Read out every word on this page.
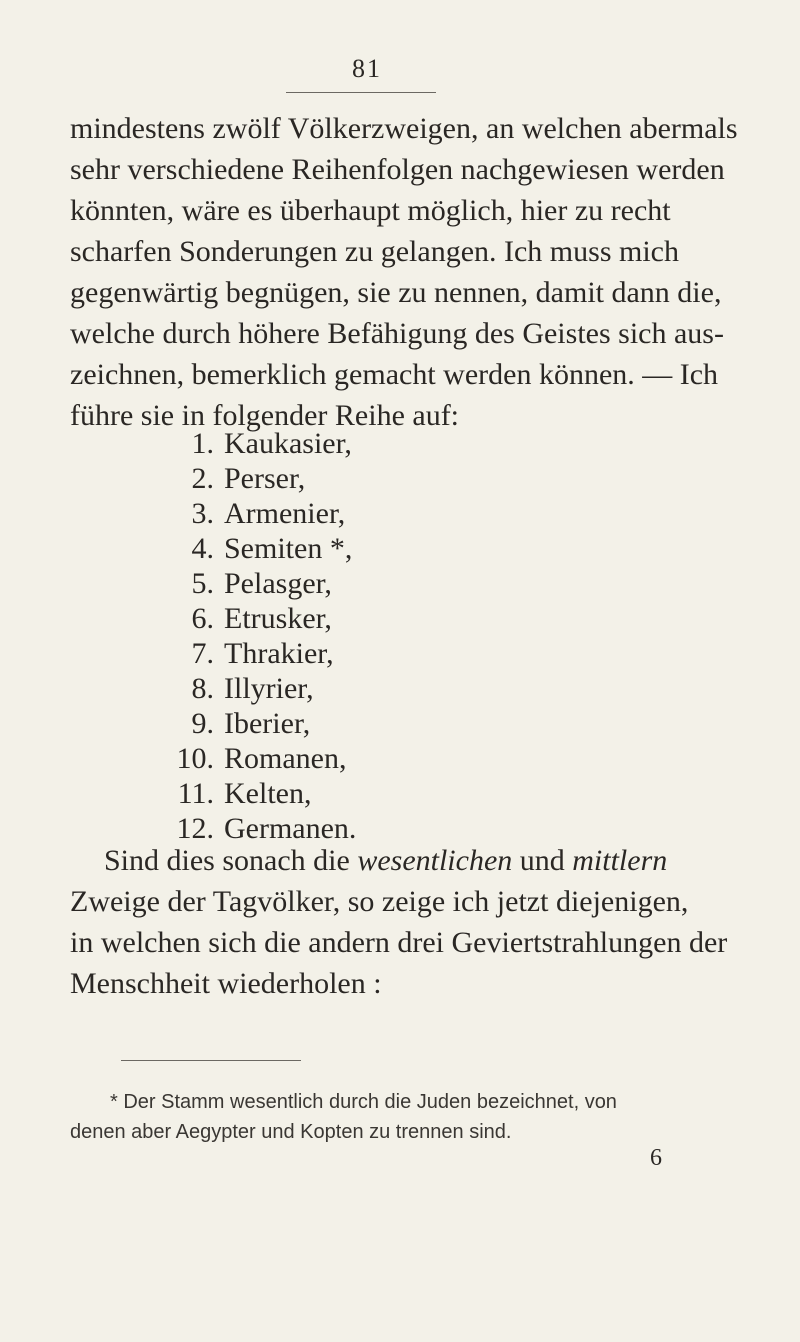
81
mindestens zwölf Völkerzweigen, an welchen abermals
sehr verschiedene Reihenfolgen nachgewiesen werden
könnten, wäre es überhaupt möglich, hier zu recht
scharfen Sonderungen zu gelangen. Ich muss mich
gegenwärtig begnügen, sie zu nennen, damit dann die,
welche durch höhere Befähigung des Geistes sich aus-
zeichnen, bemerklich gemacht werden können. — Ich
führe sie in folgender Reihe auf:
1. Kaukasier,
2. Perser,
3. Armenier,
4. Semiten *,
5. Pelasger,
6. Etrusker,
7. Thrakier,
8. Illyrier,
9. Iberier,
10. Romanen,
11. Kelten,
12. Germanen.
Sind dies sonach die wesentlichen und mittlern
Zweige der Tagvölker, so zeige ich jetzt diejenigen,
in welchen sich die andern drei Geviertstrahlungen der
Menschheit wiederholen :
* Der Stamm wesentlich durch die Juden bezeichnet, von
denen aber Aegypter und Kopten zu trennen sind.
6
